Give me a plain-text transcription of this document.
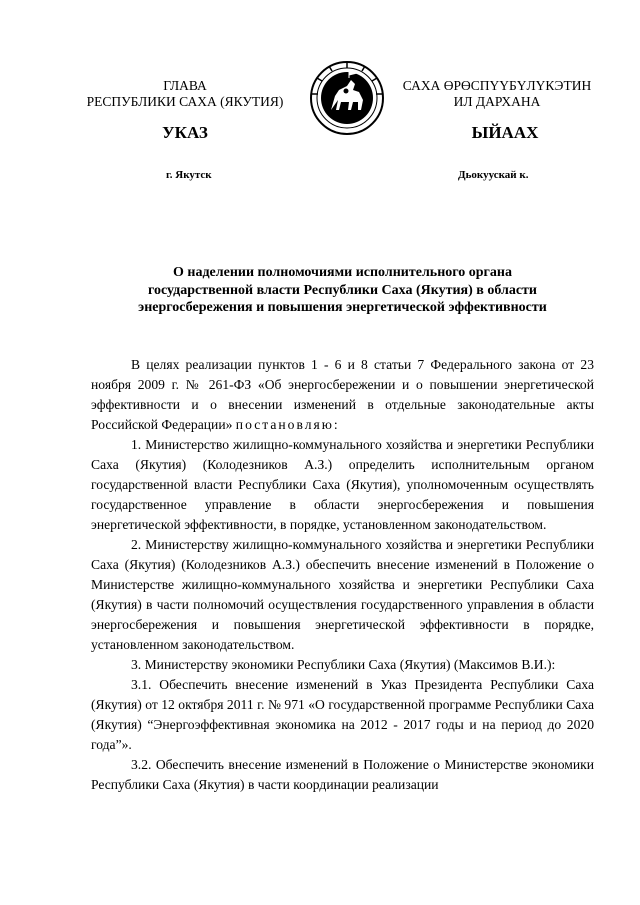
ГЛАВА
РЕСПУБЛИКИ САХА (ЯКУТИЯ)
САХА ӨРӨСПҮҮБҮЛҮКЭТИН
ИЛ ДАРХАНА
УКАЗ	ЫЙААХ
г. Якутск	Дьокуускай к.
О наделении полномочиями исполнительного органа
государственной власти Республики Саха (Якутия) в области
энергосбережения и повышения энергетической эффективности

В целях реализации пунктов 1 - 6 и 8 статьи 7 Федерального закона от 23 ноября 2009 г. № 261-ФЗ «Об энергосбережении и о повышении энергетической эффективности и о внесении изменений в отдельные законодательные акты Российской Федерации» постановляю:

1. Министерство жилищно-коммунального хозяйства и энергетики Республики Саха (Якутия) (Колодезников А.З.) определить исполнительным органом государственной власти Республики Саха (Якутия), уполномоченным осуществлять государственное управление в области энергосбережения и повышения энергетической эффективности, в порядке, установленном законодательством.

2. Министерству жилищно-коммунального хозяйства и энергетики Республики Саха (Якутия) (Колодезников А.З.) обеспечить внесение изменений в Положение о Министерстве жилищно-коммунального хозяйства и энергетики Республики Саха (Якутия) в части полномочий осуществления государственного управления в области энергосбережения и повышения энергетической эффективности в порядке, установленном законодательством.

3. Министерству экономики Республики Саха (Якутия) (Максимов В.И.):

3.1. Обеспечить внесение изменений в Указ Президента Республики Саха (Якутия) от 12 октября 2011 г. № 971 «О государственной программе Республики Саха (Якутия) “Энергоэффективная экономика на 2012 - 2017 годы и на период до 2020 года”».

3.2. Обеспечить внесение изменений в Положение о Министерстве экономики Республики Саха (Якутия) в части координации реализации
